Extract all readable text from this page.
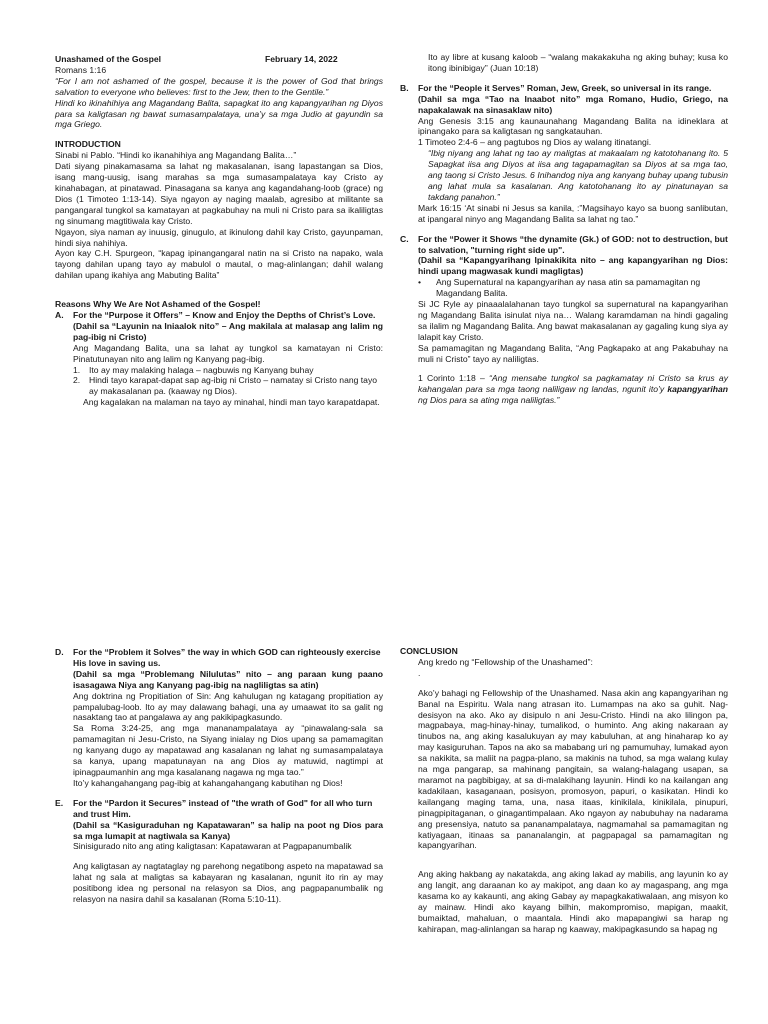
Unashamed of the Gospel	February 14, 2022

Romans 1:16

“For I am not ashamed of the gospel, because it is the power of God that brings salvation to everyone who believes: first to the Jew, then to the Gentile.”

Hindi ko ikinahihiya ang Magandang Balita, sapagkat ito ang kapangyarihan ng Diyos para sa kaligtasan ng bawat sumasampalataya, una’y sa mga Judio at gayundin sa mga Griego.

INTRODUCTION

Sinabi ni Pablo. “Hindi ko ikanahihiya ang Magandang Balita…”

Dati siyang pinakamasama sa lahat ng makasalanan, isang lapastangan sa Dios, isang mang-uusig, isang marahas sa mga sumasampalataya kay Cristo ay kinahabagan, at pinatawad. Pinasagana sa kanya ang kagandahang-loob (grace) ng Dios (1 Timoteo 1:13-14). Siya ngayon ay naging maalab, agresibo at militante sa pangangaral tungkol sa kamatayan at pagkabuhay na muli ni Cristo para sa ikaliligtas ng sinumang magtitiwala kay Cristo.

Ngayon, siya naman ay inuusig, ginugulo, at ikinulong dahil kay Cristo, gayunpaman, hindi siya nahihiya.

Ayon kay C.H. Spurgeon, “kapag ipinangangaral natin na si Cristo na napako, wala tayong dahilan upang tayo ay mabulol o mautal, o mag-alinlangan; dahil walang dahilan upang ikahiya ang Mabuting Balita”

Reasons Why We Are Not Ashamed of the Gospel!

A.	For the “Purpose it Offers” – Know and Enjoy the Depths of Christ’s Love.

(Dahil sa “Layunin na Iniaalok nito” – Ang makilala at malasap ang lalim ng pag-ibig ni Cristo)

Ang Magandang Balita, una sa lahat ay tungkol sa kamatayan ni Cristo: Pinatutunayan nito ang lalim ng Kanyang pag-ibig.

1.	Ito ay may malaking halaga – nagbuwis ng Kanyang buhay
2.	Hindi tayo karapat-dapat sap ag-ibig ni Cristo – namatay si Cristo nang tayo ay makasalanan pa. (kaaway ng Dios).

Ang kagalakan na malaman na tayo ay minahal, hindi man tayo karapatdapat.

Ito ay libre at kusang kaloob – “walang makakakuha ng aking buhay; kusa ko itong ibinibigay” (Juan 10:18)

B.	For the “People it Serves” Roman, Jew, Greek, so universal in its range.

(Dahil sa mga “Tao na Inaabot nito” mga Romano, Hudio, Griego, na napakalawak na sinasaklaw nito)

Ang Genesis 3:15 ang kaunaunahang Magandang Balita na idineklara at ipinangako para sa kaligtasan ng sangkatauhan.

1 Timoteo 2:4-6 – ang pagtubos ng Dios ay walang itinatangi.

“Ibig niyang ang lahat ng tao ay maligtas at makaalam ng katotohanang ito. 5 Sapagkat iisa ang Diyos at iisa ang tagapamagitan sa Diyos at sa mga tao, ang taong si Cristo Jesus. 6 Inihandog niya ang kanyang buhay upang tubusin ang lahat mula sa kasalanan. Ang katotohanang ito ay pinatunayan sa takdang panahon.”

Mark 16:15 ‘At sinabi ni Jesus sa kanila, :”Magsihayo kayo sa buong sanlibutan, at ipangaral ninyo ang Magandang Balita sa lahat ng tao.”

C.	For the “Power it Shows “the dynamite (Gk.) of GOD: not to destruction, but to salvation, "turning right side up".

(Dahil sa “Kapangyarihang Ipinakikita nito – ang kapangyarihan ng Dios: hindi upang magwasak kundi magligtas)

•	Ang Supernatural na kapangyarihan ay nasa atin sa pamamagitan ng Magandang Balita.

Si JC Ryle ay pinaaalalahanan tayo tungkol sa supernatural na kapangyarihan ng Magandang Balita isinulat niya na… Walang karamdaman na hindi gagaling sa ilalim ng Magandang Balita. Ang bawat makasalanan ay gagaling kung siya ay lalapit kay Cristo.

Sa pamamagitan ng Magandang Balita, “Ang Pagkapako at ang Pakabuhay na muli ni Cristo” tayo ay naliligtas.

1 Corinto 1:18 – “Ang mensahe tungkol sa pagkamatay ni Cristo sa krus ay kahangalan para sa mga taong naliligaw ng landas, ngunit ito’y kapangyarihan ng Dios para sa ating mga naliligtas.”

D.	For the “Problem it Solves” the way in which GOD can righteously exercise His love in saving us.

(Dahil sa mga “Problemang Nilulutas” nito – ang paraan kung paano isasagawa Niya ang Kanyang pag-ibig na nagliligtas sa atin)

Ang doktrina ng Propitiation of Sin: Ang kahulugan ng katagang propitiation ay pampalubag-loob. Ito ay may dalawang bahagi, una ay umaawat ito sa galit ng nasaktang tao at pangalawa ay ang pakikipagkasundo.

Sa Roma 3:24-25, ang mga mananampalataya ay “pinawalang-sala sa pamamagitan ni Jesu-Cristo, na Siyang inialay ng Dios upang sa pamamagitan ng kanyang dugo ay mapatawad ang kasalanan ng lahat ng sumasampalataya sa kanya, upang mapatunayan na ang Dios ay matuwid, nagtimpi at ipinagpaumanhin ang mga kasalanang nagawa ng mga tao.”

Ito’y kahangahangang pag-ibig at kahangahangang kabutihan ng Dios!

E.	For the “Pardon it Secures” instead of "the wrath of God" for all who turn and trust Him.

(Dahil sa “Kasiguraduhan ng Kapatawaran” sa halip na poot ng Dios para sa mga lumapit at nagtiwala sa Kanya)

Sinisigurado nito ang ating kaligtasan: Kapatawaran at Pagpapanumbalik

Ang kaligtasan ay nagtataglay ng parehong negatibong aspeto na mapatawad sa lahat ng sala at maligtas sa kabayaran ng kasalanan, ngunit ito rin ay may positibong idea ng personal na relasyon sa Dios, ang pagpapanumbalik ng relasyon na nasira dahil sa kasalanan (Roma 5:10-11).

CONCLUSION

Ang kredo ng “Fellowship of the Unashamed”:

.

Ako’y bahagi ng Fellowship of the Unashamed. Nasa akin ang kapangyarihan ng Banal na Espiritu. Wala nang atrasan ito. Lumampas na ako sa guhit. Nag-desisyon na ako. Ako ay disipulo n ani Jesu-Cristo. Hindi na ako lilingon pa, magpabaya, mag-hinay-hinay, tumalikod, o huminto. Ang aking nakaraan ay tinubos na, ang aking kasalukuyan ay may kabuluhan, at ang hinaharap ko ay may kasiguruhan. Tapos na ako sa mababang uri ng pamumuhay, lumakad ayon sa nakikita, sa maliit na pagpa-plano, sa makinis na tuhod, sa mga walang kulay na mga pangarap, sa mahinang pangitain, sa walang-halagang usapan, sa maramot na pagbibigay, at sa di-malakihang layunin. Hindi ko na kailangan ang kadakilaan, kasaganaan, posisyon, promosyon, papuri, o kasikatan. Hindi ko kailangang maging tama, una, nasa itaas, kinikilala, kinikilala, pinupuri, pinagpipitaganan, o ginagantimpalaan. Ako ngayon ay nabubuhay na nadarama ang presensiya, natuto sa pananampalataya, nagmamahal sa pamamagitan ng katiyagaan, itinaas sa pananalangin, at pagpapagal sa pamamagitan ng kapangyarihan.

Ang aking hakbang ay nakatakda, ang aking lakad ay mabilis, ang layunin ko ay ang langit, ang daraanan ko ay makipot, ang daan ko ay magaspang, ang mga kasama ko ay kakaunti, ang aking Gabay ay mapagkakatiwalaan, ang misyon ko ay mainaw. Hindi ako kayang bilhin, makompromiso, mapigan, maakit, bumaiktad, mahaluan, o maantala. Hindi ako mapapangiwi sa harap ng kahirapan, mag-alinlangan sa harap ng kaaway, makipagkasundo sa hapag ng
